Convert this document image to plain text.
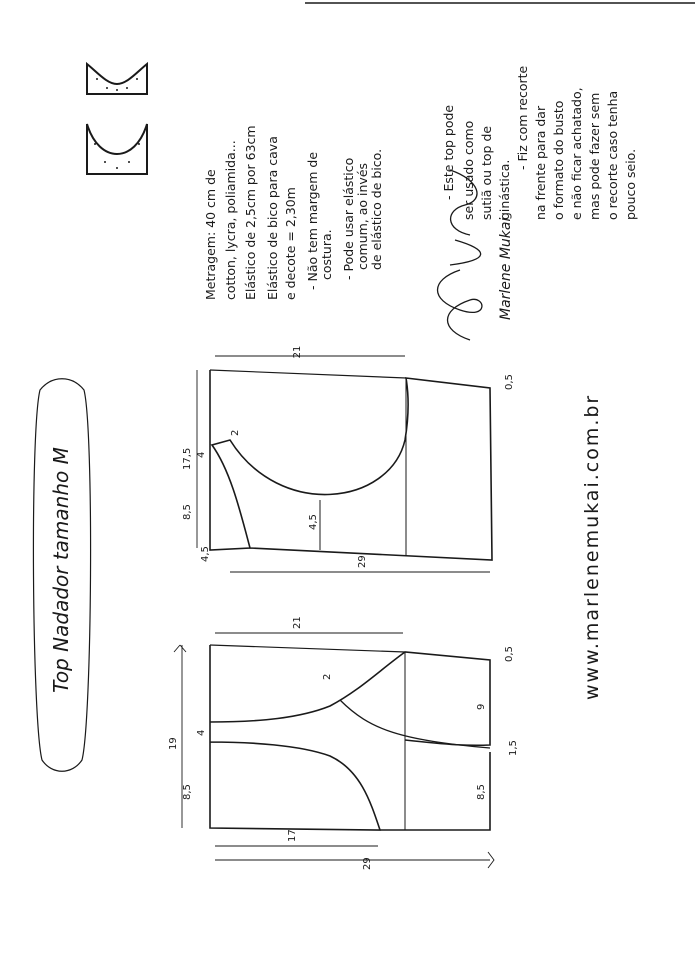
Top Nadador tamanho M
Metragem: 40 cm de cotton, lycra, poliamida... Elástico de 2,5cm por 63cm Elástico de bico para cava e decote = 2,30m - Não tem margem de costura. - Pode usar elástico comum, ao invés de elástico de bico.	- Este top pode ser usado como sutiã ou top de ginástica.
- Fiz com recorte na frente para dar o formato do busto e não ficar achatado, mas pode fazer sem o recorte caso tenha pouco seio.
Marlene Mukai
www.marlenemukai.com.br
21
17,5
8,5
4
4,5	29
4,5
0,5
2
21
19
8,5
4
17
29
9
8,5
1,5
0,5
2
